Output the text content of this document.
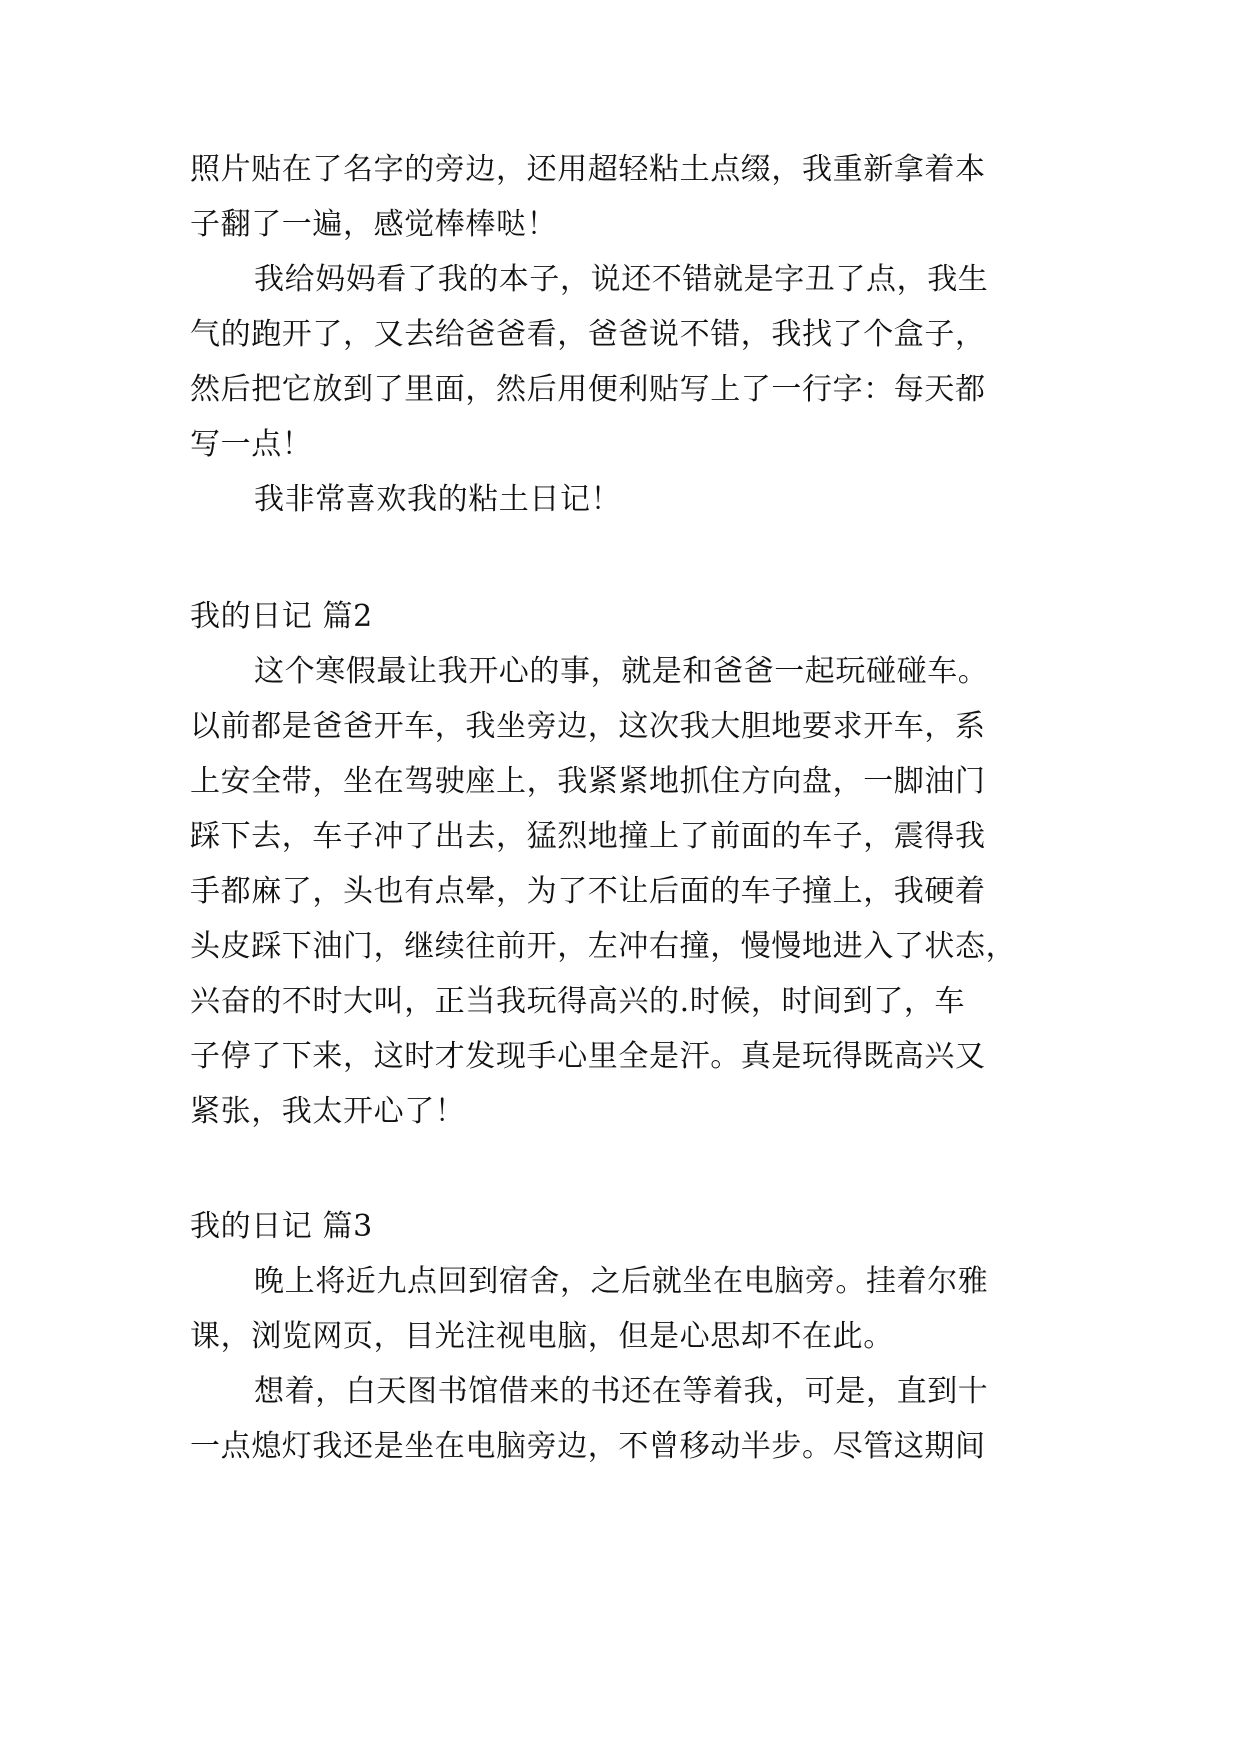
照片贴在了名字的旁边，还用超轻粘土点缀，我重新拿着本
子翻了一遍，感觉棒棒哒！
我给妈妈看了我的本子，说还不错就是字丑了点，我生
气的跑开了，又去给爸爸看，爸爸说不错，我找了个盒子，
然后把它放到了里面，然后用便利贴写上了一行字：每天都
写一点！
我非常喜欢我的粘土日记！
我的日记 篇2
这个寒假最让我开心的事，就是和爸爸一起玩碰碰车。
以前都是爸爸开车，我坐旁边，这次我大胆地要求开车，系
上安全带，坐在驾驶座上，我紧紧地抓住方向盘，一脚油门
踩下去，车子冲了出去，猛烈地撞上了前面的车子，震得我
手都麻了，头也有点晕，为了不让后面的车子撞上，我硬着
头皮踩下油门，继续往前开，左冲右撞，慢慢地进入了状态，
兴奋的不时大叫，正当我玩得高兴的.时候，时间到了，车
子停了下来，这时才发现手心里全是汗。真是玩得既高兴又
紧张，我太开心了！
我的日记 篇3
晚上将近九点回到宿舍，之后就坐在电脑旁。挂着尔雅
课，浏览网页，目光注视电脑，但是心思却不在此。
想着，白天图书馆借来的书还在等着我，可是，直到十
一点熄灯我还是坐在电脑旁边，不曾移动半步。尽管这期间
